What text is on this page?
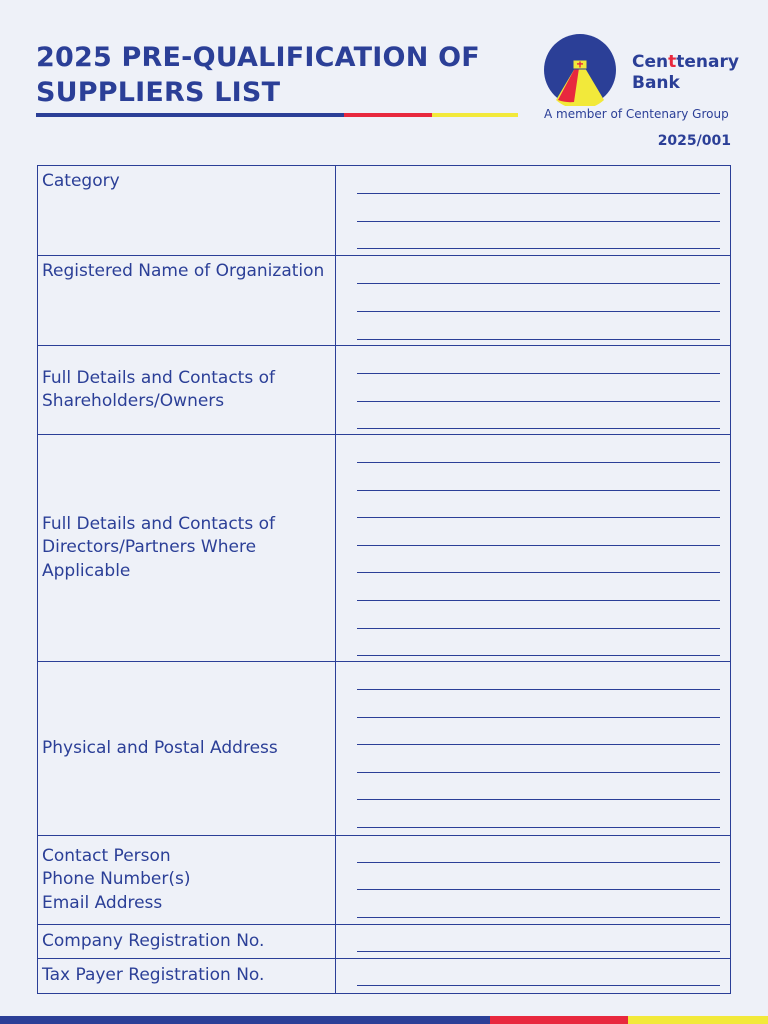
2025 PRE-QUALIFICATION OF
SUPPLIERS LIST
Centtenary
Bank
A member of Centenary Group
2025/001
Category	

Registered Name of Organization	

Full Details and Contacts of
Shareholders/Owners	

Full Details and Contacts of
Directors/Partners Where
Applicable	

Physical and Postal Address	

Contact Person
Phone Number(s)
Email Address	

Company Registration No.	

Tax Payer Registration No.	
